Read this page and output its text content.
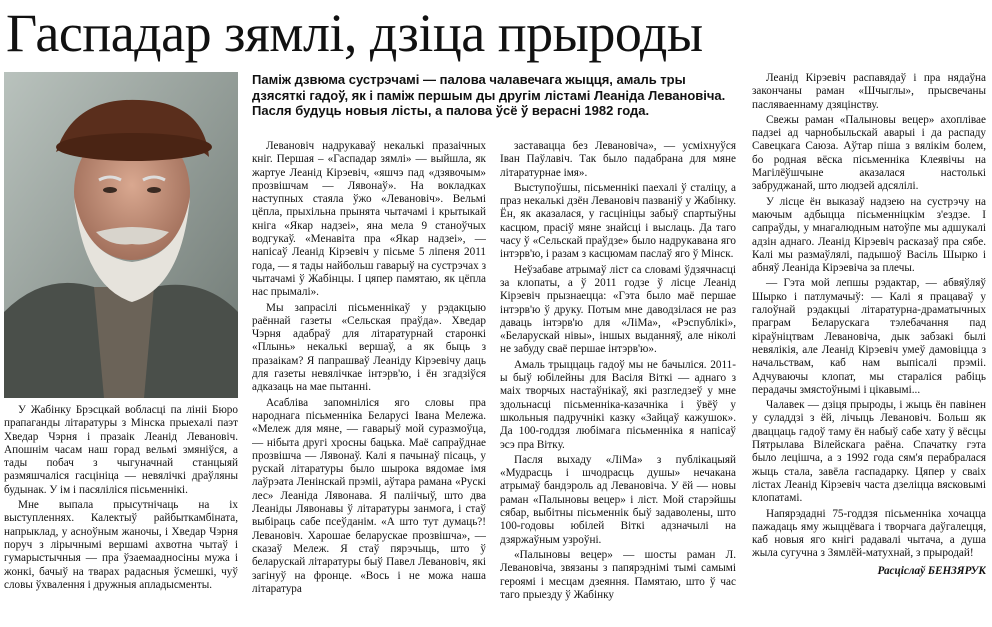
Гаспадар зямлі, дзіца прыроды
Паміж дзвюма сустрэчамі — палова чалавечага жыцця, амаль тры дзясяткі гадоў, як і паміж першым ды другім лістамі Леаніда Левановіча. Пасля будуць новыя лісты, а палова ўсё ў верасні 1982 года.

У Жабінку Брэсцкай вобласці па лініі Бюро прапаганды літаратуры з Мінска прыехалі паэт Хведар Чэрня і празаік Леанід Левановіч. Апошнім часам наш горад вельмі змяніўся, а тады побач з чыгуначнай станцыяй размяшчаліся гасцініца — невялічкі драўляны будынак. У ім і пасяліліся пісьменнікі.

Мне выпала прысутнічаць на іх выступленнях. Калектыў райбыткамбіната, напрыклад, у асноўным жаночы, і Хведар Чэрня поруч з лірычнымі вершамі ахвотна чытаў і гумарыстычныя — пра ўзаемаадносіны мужа і жонкі, бачыў на тварах радасныя ўсмешкі, чуў словы ўхвалення і дружныя апладысменты.

Левановіч надрукаваў некалькі празаічных кніг. Першая – «Гаспадар зямлі» — выйшла, як жартуе Леанід Кірэевіч, «яшчэ пад «дзявочым» прозвішчам — Лявонаў». На вокладках наступных стаяла ўжо «Левановіч». Вельмі цёпла, прыхільна прынята чытачамі і крытыкай кніга «Якар надзеі», яна мела 9 станоўчых водгукаў. «Менавіта пра «Якар надзеі», — напісаў Леанід Кірэевіч у пісьме 5 ліпеня 2011 года, — я тады найбольш гаварыў на сустрэчах з чытачамі ў Жабінцы. І цяпер памятаю, як цёпла нас прымалі».

Мы запрасілі пісьменнікаў у рэдакцыю раённай газеты «Сельская праўда». Хведар Чэрня адабраў для літаратурнай старонкі «Плынь» некалькі вершаў, а як быць з празаікам? Я папрашваў Леаніду Кірэевічу даць для газеты невялічкае інтэрв'ю, і ён згадзіўся адказаць на мае пытанні.

Асабліва запомніліся яго словы пра народнага пісьменніка Беларусі Івана Мележа. «Мележ для мяне, — гаварыў мой суразмоўца, — нібыта другі хросны бацька. Маё сапраўднае прозвішча — Лявонаў. Калі я пачынаў пісаць, у рускай літаратуры было шырока вядомае імя лаўрэата Ленінскай прэміі, аўтара рамана «Рускі лес» Леаніда Лявонава. Я паліічыў, што два Леаніды Лявонавы ў літаратуры занмога, і стаў выбіраць сабе псеўданім. «А што тут думаць?! Левановіч. Харошае беларускае прозвішча», — сказаў Мележ. Я стаў пярэчыць, што ў беларускай літаратуры быў Павел Левановіч, які загінуў на фронце. «Вось і не можа наша літаратура

заставацца без Левановіча», — усміхнуўся Іван Паўлавіч. Так было падабрана для мяне літаратурнае імя».

Выступоўшы, пісьменнікі паехалі ў сталіцу, а праз некалькі дзён Левановіч пазваніў у Жабінку. Ён, як аказалася, у гасцініцы забыў спартыўны касцюм, прасіў мяне знайсці і выслаць. Да таго часу ў «Сельскай праўдзе» было надрукавана яго інтэрв'ю, і разам з касцюмам паслаў яго ў Мінск.

Неўзабаве атрымаў ліст са словамі ўдзячнасці за клопаты, а ў 2011 годзе ў лісце Леанід Кірэевіч прызнаецца: «Гэта было маё першае інтэрв'ю ў друку. Потым мне даводзілася не раз даваць інтэрв'ю для «ЛіМа», «Рэспублікі», «Беларускай нівы», іншых выданняў, але ніколі не забуду сваё першае інтэрв'ю».

Амаль трыццаць гадоў мы не бачыліся. 2011-ы быў юбілейны для Васіля Віткі — аднаго з маіх творчых настаўнікаў, які разгледзеў у мне здольнасці пісьменніка-казачніка і ўвёў у школьныя падручнікі казку «Зайцаў кажушок». Да 100-годдзя любімага пісьменніка я напісаў эсэ пра Вітку.

Пасля выхаду «ЛіМа» з публікацыяй «Мудрасць і шчодрасць душы» нечакана атрымаў бандэроль ад Левановіча. У ёй — новы раман «Палыновы вецер» і ліст. Мой старэйшы сябар, выбітны пісьменнік быў задаволены, што 100-годовы юбілей Віткі адзначылі на дзяржаўным узроўні.

«Палыновы вецер» — шосты раман Л. Левановіча, звязаны з папярэднімі тымі самымі героямі і месцам дзеяння. Памятаю, што ў час таго прыезду ў Жабінку

Леанід Кірэевіч распавядаў і пра нядаўна закончаны раман «Шчыглы», прысвечаны пасляваеннаму дзяцінству.

Свежы раман «Палыновы вецер» ахоплівае падзеі ад чарнобыльскай аварыі і да распаду Савецкага Саюза. Аўтар піша з вялікім болем, бо родная вёска пісьменніка Клеявічы на Магілёўшчыне аказалася настолькі забруджанай, што людзей адсялілі.

У лісце ён выказаў надзею на сустрэчу на маючым адбыцца пісьменніцкім з'ездзе. І сапраўды, у мнагалюдным натоўпе мы адшукалі адзін аднаго. Леанід Кірэевіч расказаў пра сябе. Калі мы размаўлялі, падышоў Васіль Шырко і абняў Леаніда Кірэевіча за плечы.

— Гэта мой лепшы рэдактар, — абвяўляў Шырко і патлумачыў: — Калі я працаваў у галоўнай рэдакцыі літаратурна-драматычных праграм Беларускага тэлебачання пад кіраўніцтвам Левановіча, дык забзакі былі невялікія, але Леанід Кірэевіч умеў дамовіцца з начальствам, каб нам выпісалі прэміі. Адчуваючы клопат, мы стараліся рабіць перадачы змястоўнымі і цікавымі...

Чалавек — дзіця прыроды, і жыць ён павінен у суладдзі з ёй, лічыць Левановіч. Больш як дваццаць гадоў таму ён набыў сабе хату ў вёсцы Пятрылава Вілейскага раёна. Спачатку гэта было лецішча, а з 1992 года сям'я перабралася жыць стала, завёла гаспадарку. Цяпер у сваіх лістах Леанід Кірэевіч часта дзеліцца вясковымі клопатамі.

Напярэдадні 75-годдзя пісьменніка хочацца пажадаць яму жыццёвага і творчага даўгалецця, каб новыя яго кнігі радавалі чытача, а душа жыла сугучна з Зямлёй-матухнай, з прыродай!

Расціслаў БЕНЗЯРУК
